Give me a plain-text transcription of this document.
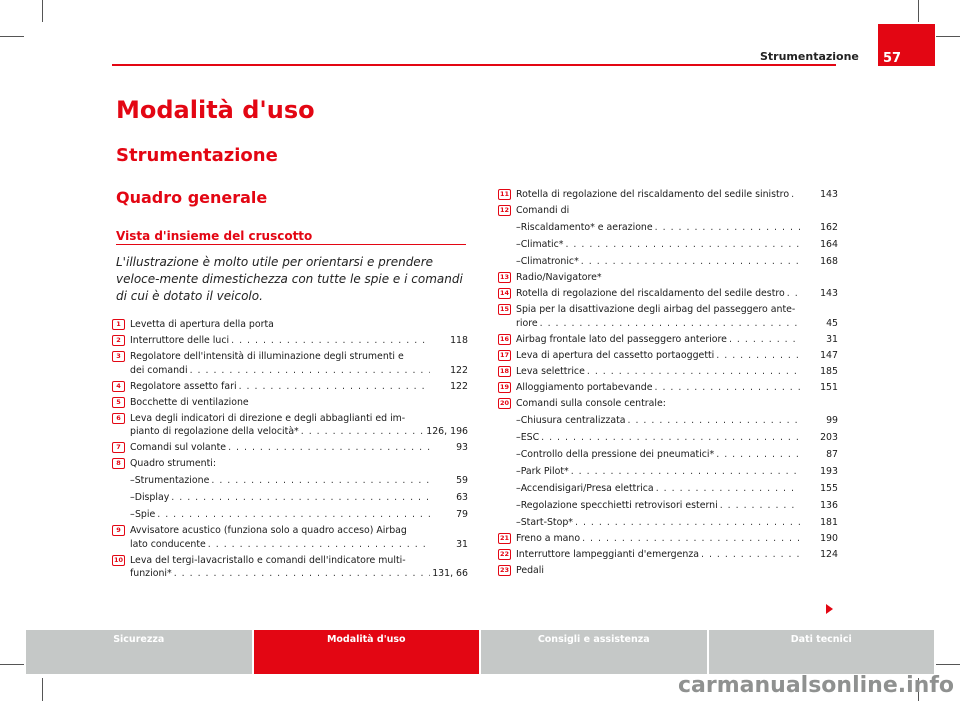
Strumentazione	57
Modalità d'uso
Strumentazione
Quadro generale
Vista d'insieme del cruscotto
L'illustrazione è molto utile per orientarsi e prendere veloce-mente dimestichezza con tutte le spie e i comandi di cui è dotato il veicolo.
1 Levetta di apertura della porta
2 Interruttore delle luci . . .	118
3 Regolatore dell'intensità di illuminazione degli strumenti e
dei comandi . . .	122
4 Regolatore assetto fari . . .	122
5 Bocchette di ventilazione
6 Leva degli indicatori di direzione e degli abbaglianti ed im-
pianto di regolazione della velocità* . . .	126, 196
7 Comandi sul volante . . .	93
8 Quadro strumenti:
– Strumentazione . . .	59
– Display . . .	63
– Spie . . .	79
9 Avvisatore acustico (funziona solo a quadro acceso) Airbag
lato conducente . . .	31
10 Leva del tergi-lavacristallo e comandi dell'indicatore multi-
funzioni* . . .	131, 66
11 Rotella di regolazione del riscaldamento del sedile sinistro . . .	143
12 Comandi di
– Riscaldamento* e aerazione . . .	162
– Climatic* . . .	164
– Climatronic* . . .	168
13 Radio/Navigatore*
14 Rotella di regolazione del riscaldamento del sedile destro . . .	143
15 Spia per la disattivazione degli airbag del passeggero ante-
riore . . .	45
16 Airbag frontale lato del passeggero anteriore . . .	31
17 Leva di apertura del cassetto portaoggetti . . .	147
18 Leva selettrice . . .	185
19 Alloggiamento portabevande . . .	151
20 Comandi sulla console centrale:
– Chiusura centralizzata . . .	99
– ESC . . .	203
– Controllo della pressione dei pneumatici* . . .	87
– Park Pilot* . . .	193
– Accendisigari/Presa elettrica . . .	155
– Regolazione specchietti retrovisori esterni . . .	136
– Start-Stop* . . .	181
21 Freno a mano . . .	190
22 Interruttore lampeggianti d'emergenza . . .	124
23 Pedali
Sicurezza	Modalità d'uso	Consigli e assistenza	Dati tecnici
carmanualsonline.info
